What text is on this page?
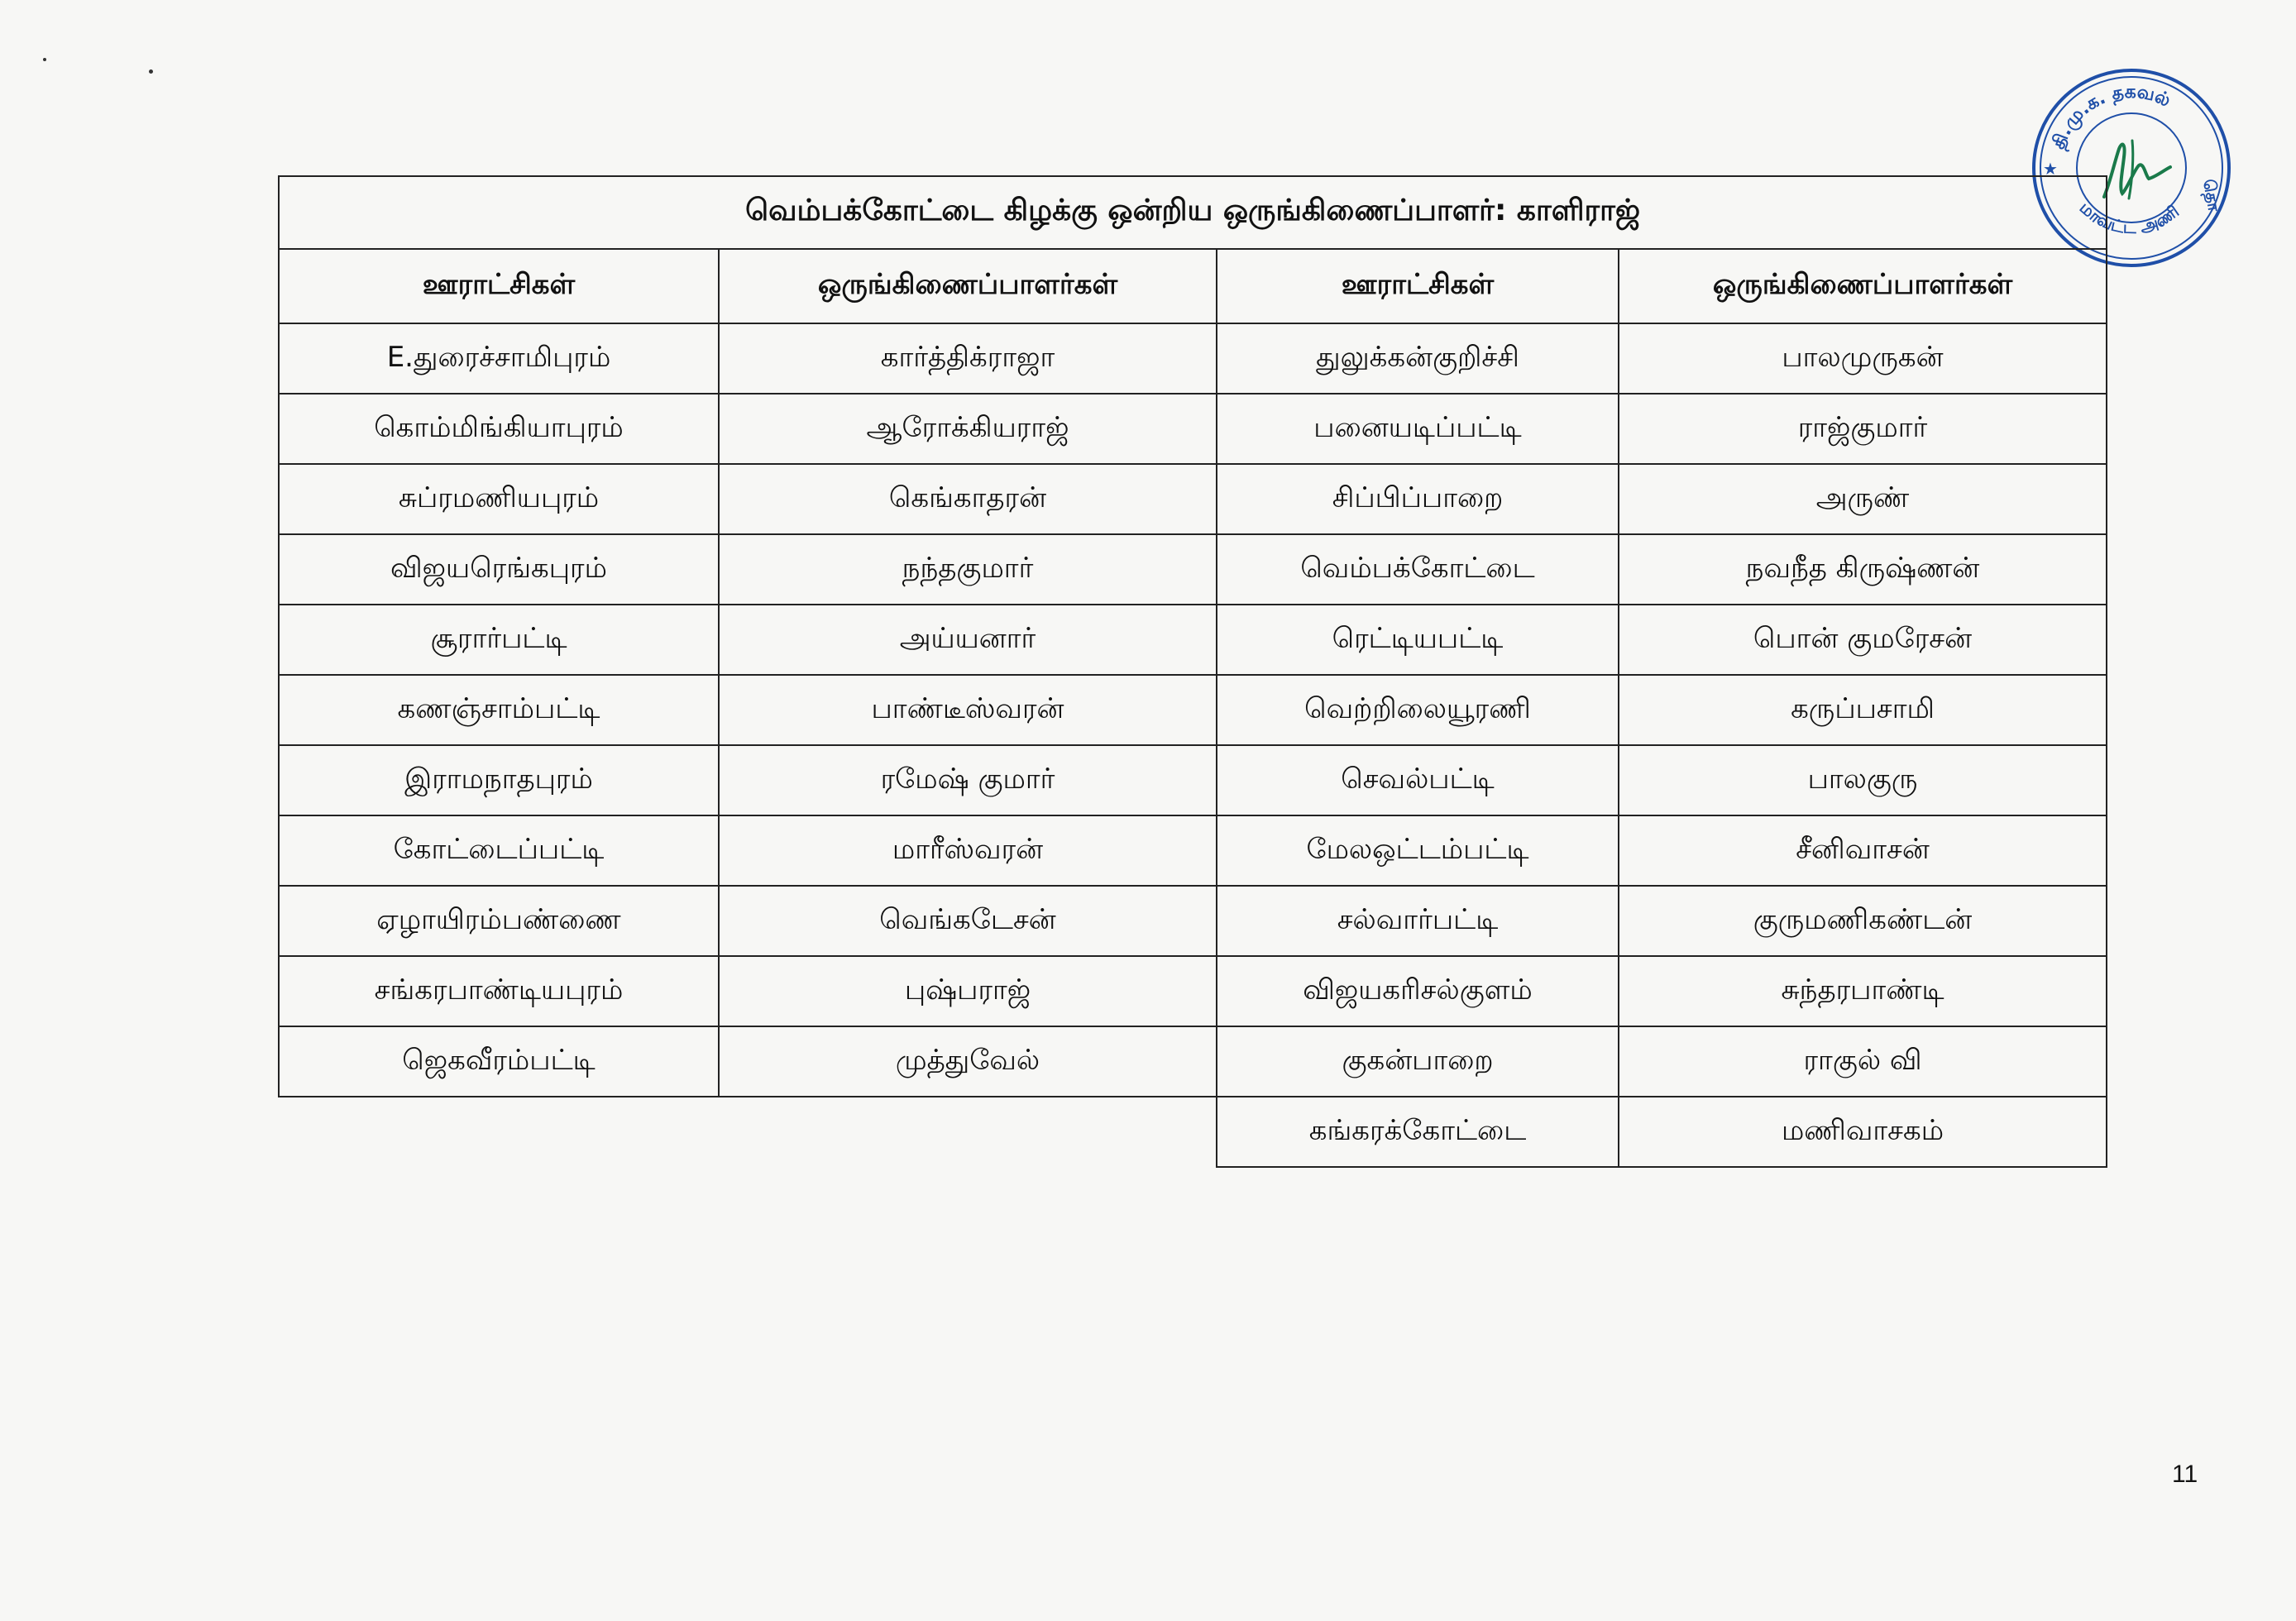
தி.மு.க. தகவல்
மாவட்ட அணி
தொ
★
வெம்பக்கோட்டை கிழக்கு ஒன்றிய ஒருங்கிணைப்பாளர்: காளிராஜ்			
ஊராட்சிகள்	ஒருங்கிணைப்பாளர்கள்	ஊராட்சிகள்	ஒருங்கிணைப்பாளர்கள்
E.துரைச்சாமிபுரம்	கார்த்திக்ராஜா	துலுக்கன்குறிச்சி	பாலமுருகன்
கொம்மிங்கியாபுரம்	ஆரோக்கியராஜ்	பனையடிப்பட்டி	ராஜ்குமார்
சுப்ரமணியபுரம்	கெங்காதரன்	சிப்பிப்பாறை	அருண்
விஜயரெங்கபுரம்	நந்தகுமார்	வெம்பக்கோட்டை	நவநீத கிருஷ்ணன்
சூரார்பட்டி	அய்யனார்	ரெட்டியபட்டி	பொன் குமரேசன்
கணஞ்சாம்பட்டி	பாண்டீஸ்வரன்	வெற்றிலையூரணி	கருப்பசாமி
இராமநாதபுரம்	ரமேஷ் குமார்	செவல்பட்டி	பாலகுரு
கோட்டைப்பட்டி	மாரீஸ்வரன்	மேலஒட்டம்பட்டி	சீனிவாசன்
ஏழாயிரம்பண்ணை	வெங்கடேசன்	சல்வார்பட்டி	குருமணிகண்டன்
சங்கரபாண்டியபுரம்	புஷ்பராஜ்	விஜயகரிசல்குளம்	சுந்தரபாண்டி
ஜெகவீரம்பட்டி	முத்துவேல்	குகன்பாறை	ராகுல் வி
		கங்கரக்கோட்டை	மணிவாசகம்
11
